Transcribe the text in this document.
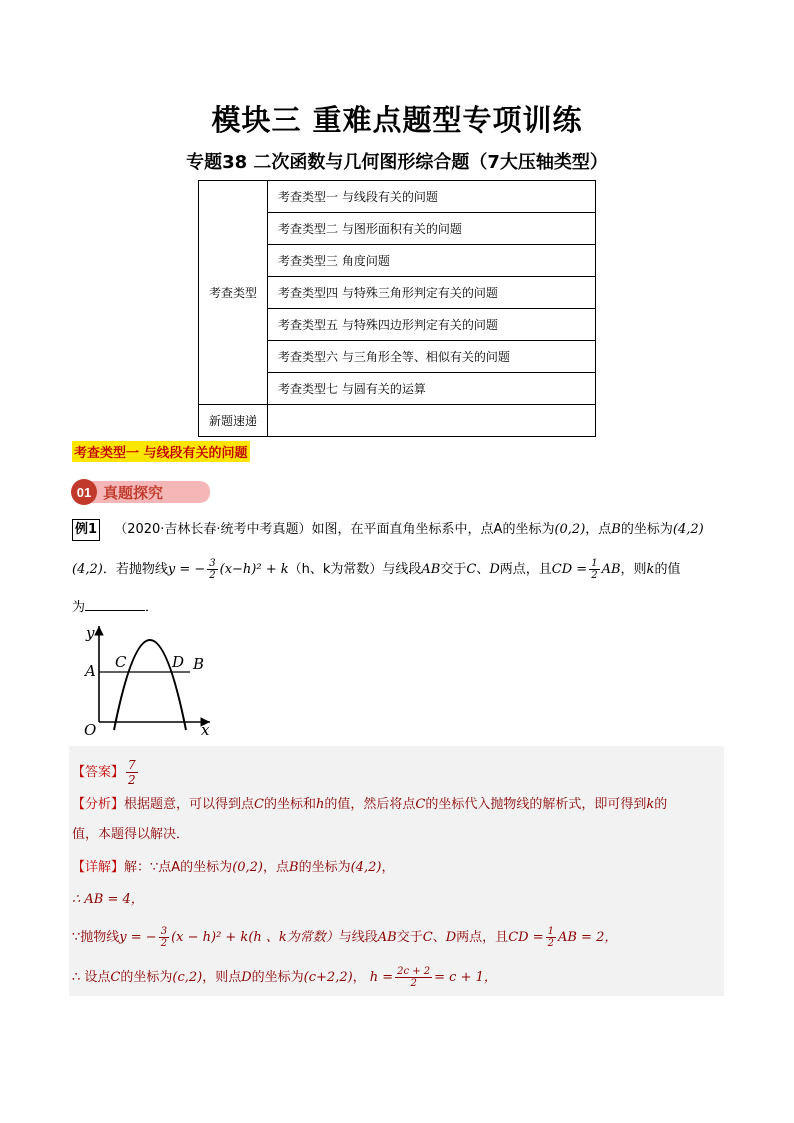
模块三 重难点题型专项训练
专题38 二次函数与几何图形综合题（7大压轴类型）
考查类型	考查类型一 与线段有关的问题
	考查类型二 与图形面积有关的问题
	考查类型三 角度问题
	考查类型四 与特殊三角形判定有关的问题
	考查类型五 与特殊四边形判定有关的问题
	考查类型六 与三角形全等、相似有关的问题
	考查类型七 与圆有关的运算
新题速递	
考查类型一 与线段有关的问题
01 真题探究
例1 （2020·吉林长春·统考中考真题）如图，在平面直角坐标系中，点A的坐标为(0,2)，点B的坐标为(4,2)
(4,2)．若抛物线y = − $\frac{3}{2} (x-h)^2 + k(h$、k为常数）与线段AB交于C、D两点，且CD = $\frac{1}{2}$ AB，则k的值
为	．
y
x
O
A	B
C	D
【答案】 $\frac{7}{2}$
【分析】根据题意，可以得到点C的坐标和h的值，然后将点C的坐标代入抛物线的解析式，即可得到k的
值，本题得以解决．
【详解】解：∵点A的坐标为(0,2)，点B的坐标为(4,2)，
∴ AB = 4，
∵抛物线y = − $\frac{3}{2} (x - h)^2 + k(h$ 、k为常数）与线段AB交于C、D两点，且CD = $\frac{1}{2}$ AB = 2，
∴ 设点C的坐标为(c,2)，则点D的坐标为(c+2,2)， $h = \frac{2c + 2}{2} = c + 1$，
